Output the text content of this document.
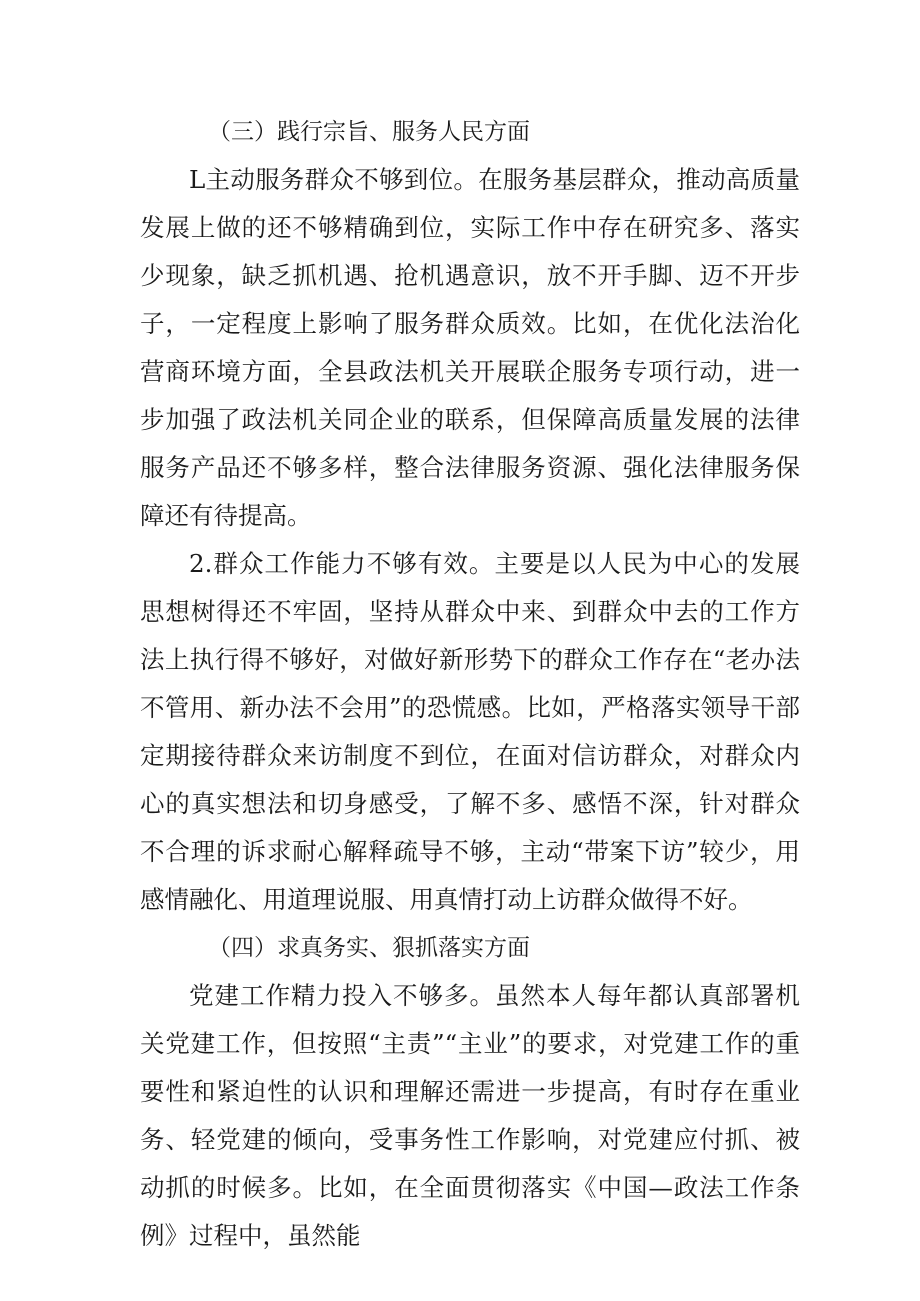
（三）践行宗旨、服务人民方面

L主动服务群众不够到位。在服务基层群众，推动高质量发展上做的还不够精确到位，实际工作中存在研究多、落实少现象，缺乏抓机遇、抢机遇意识，放不开手脚、迈不开步子，一定程度上影响了服务群众质效。比如，在优化法治化营商环境方面，全县政法机关开展联企服务专项行动，进一步加强了政法机关同企业的联系，但保障高质量发展的法律服务产品还不够多样，整合法律服务资源、强化法律服务保障还有待提高。

2.群众工作能力不够有效。主要是以人民为中心的发展思想树得还不牢固，坚持从群众中来、到群众中去的工作方法上执行得不够好，对做好新形势下的群众工作存在“老办法不管用、新办法不会用”的恐慌感。比如，严格落实领导干部定期接待群众来访制度不到位，在面对信访群众，对群众内心的真实想法和切身感受，了解不多、感悟不深，针对群众不合理的诉求耐心解释疏导不够，主动“带案下访”较少，用感情融化、用道理说服、用真情打动上访群众做得不好。

（四）求真务实、狠抓落实方面

党建工作精力投入不够多。虽然本人每年都认真部署机关党建工作，但按照“主责”“主业”的要求，对党建工作的重要性和紧迫性的认识和理解还需进一步提高，有时存在重业务、轻党建的倾向，受事务性工作影响，对党建应付抓、被动抓的时候多。比如，在全面贯彻落实《中国—政法工作条例》过程中，虽然能
